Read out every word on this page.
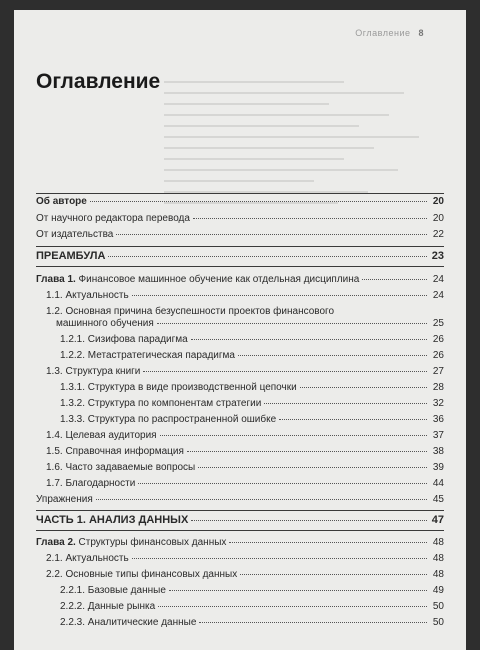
Оглавление 8
Оглавление
Об авторе	20
От научного редактора перевода	20
От издательства	22
ПРЕАМБУЛА	23
Глава 1. Финансовое машинное обучение как отдельная дисциплина	24
1.1. Актуальность	24
1.2. Основная причина безуспешности проектов финансового
машинного обучения	25
1.2.1. Сизифова парадигма	26
1.2.2. Метастратегическая парадигма	26
1.3. Структура книги	27
1.3.1. Структура в виде производственной цепочки	28
1.3.2. Структура по компонентам стратегии	32
1.3.3. Структура по распространенной ошибке	36
1.4. Целевая аудитория	37
1.5. Справочная информация	38
1.6. Часто задаваемые вопросы	39
1.7. Благодарности	44
Упражнения	45
ЧАСТЬ 1. АНАЛИЗ ДАННЫХ	47
Глава 2. Структуры финансовых данных	48
2.1. Актуальность	48
2.2. Основные типы финансовых данных	48
2.2.1. Базовые данные	49
2.2.2. Данные рынка	50
2.2.3. Аналитические данные	50
